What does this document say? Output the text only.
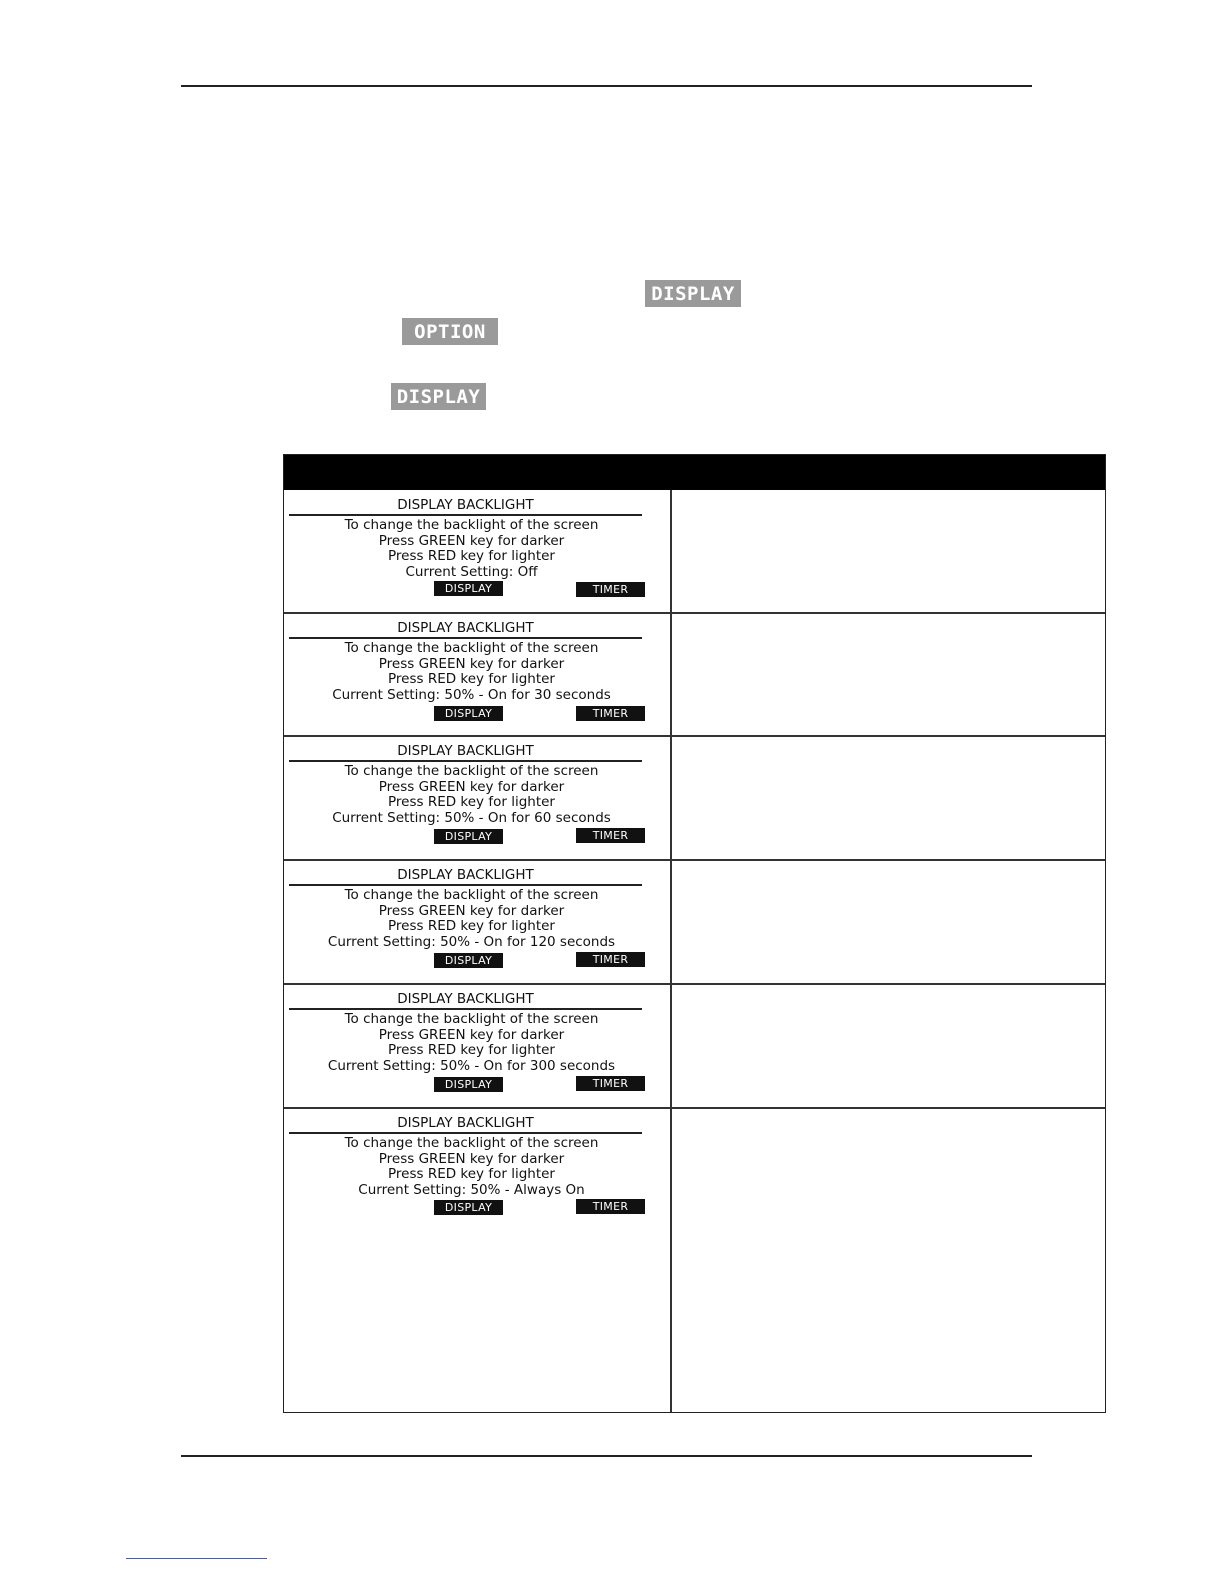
DISPLAY
OPTION
DISPLAY
DISPLAY BACKLIGHT
To change the backlight of the screen
Press GREEN key for darker
Press RED key for lighter
Current Setting: Off
DISPLAY	TIMER
DISPLAY BACKLIGHT
To change the backlight of the screen
Press GREEN key for darker
Press RED key for lighter
Current Setting: 50% - On for 30 seconds
DISPLAY	TIMER
DISPLAY BACKLIGHT
To change the backlight of the screen
Press GREEN key for darker
Press RED key for lighter
Current Setting: 50% - On for 60 seconds
DISPLAY	TIMER
DISPLAY BACKLIGHT
To change the backlight of the screen
Press GREEN key for darker
Press RED key for lighter
Current Setting: 50% - On for 120 seconds
DISPLAY	TIMER
DISPLAY BACKLIGHT
To change the backlight of the screen
Press GREEN key for darker
Press RED key for lighter
Current Setting: 50% - On for 300 seconds
DISPLAY	TIMER
DISPLAY BACKLIGHT
To change the backlight of the screen
Press GREEN key for darker
Press RED key for lighter
Current Setting: 50% - Always On
DISPLAY	TIMER
